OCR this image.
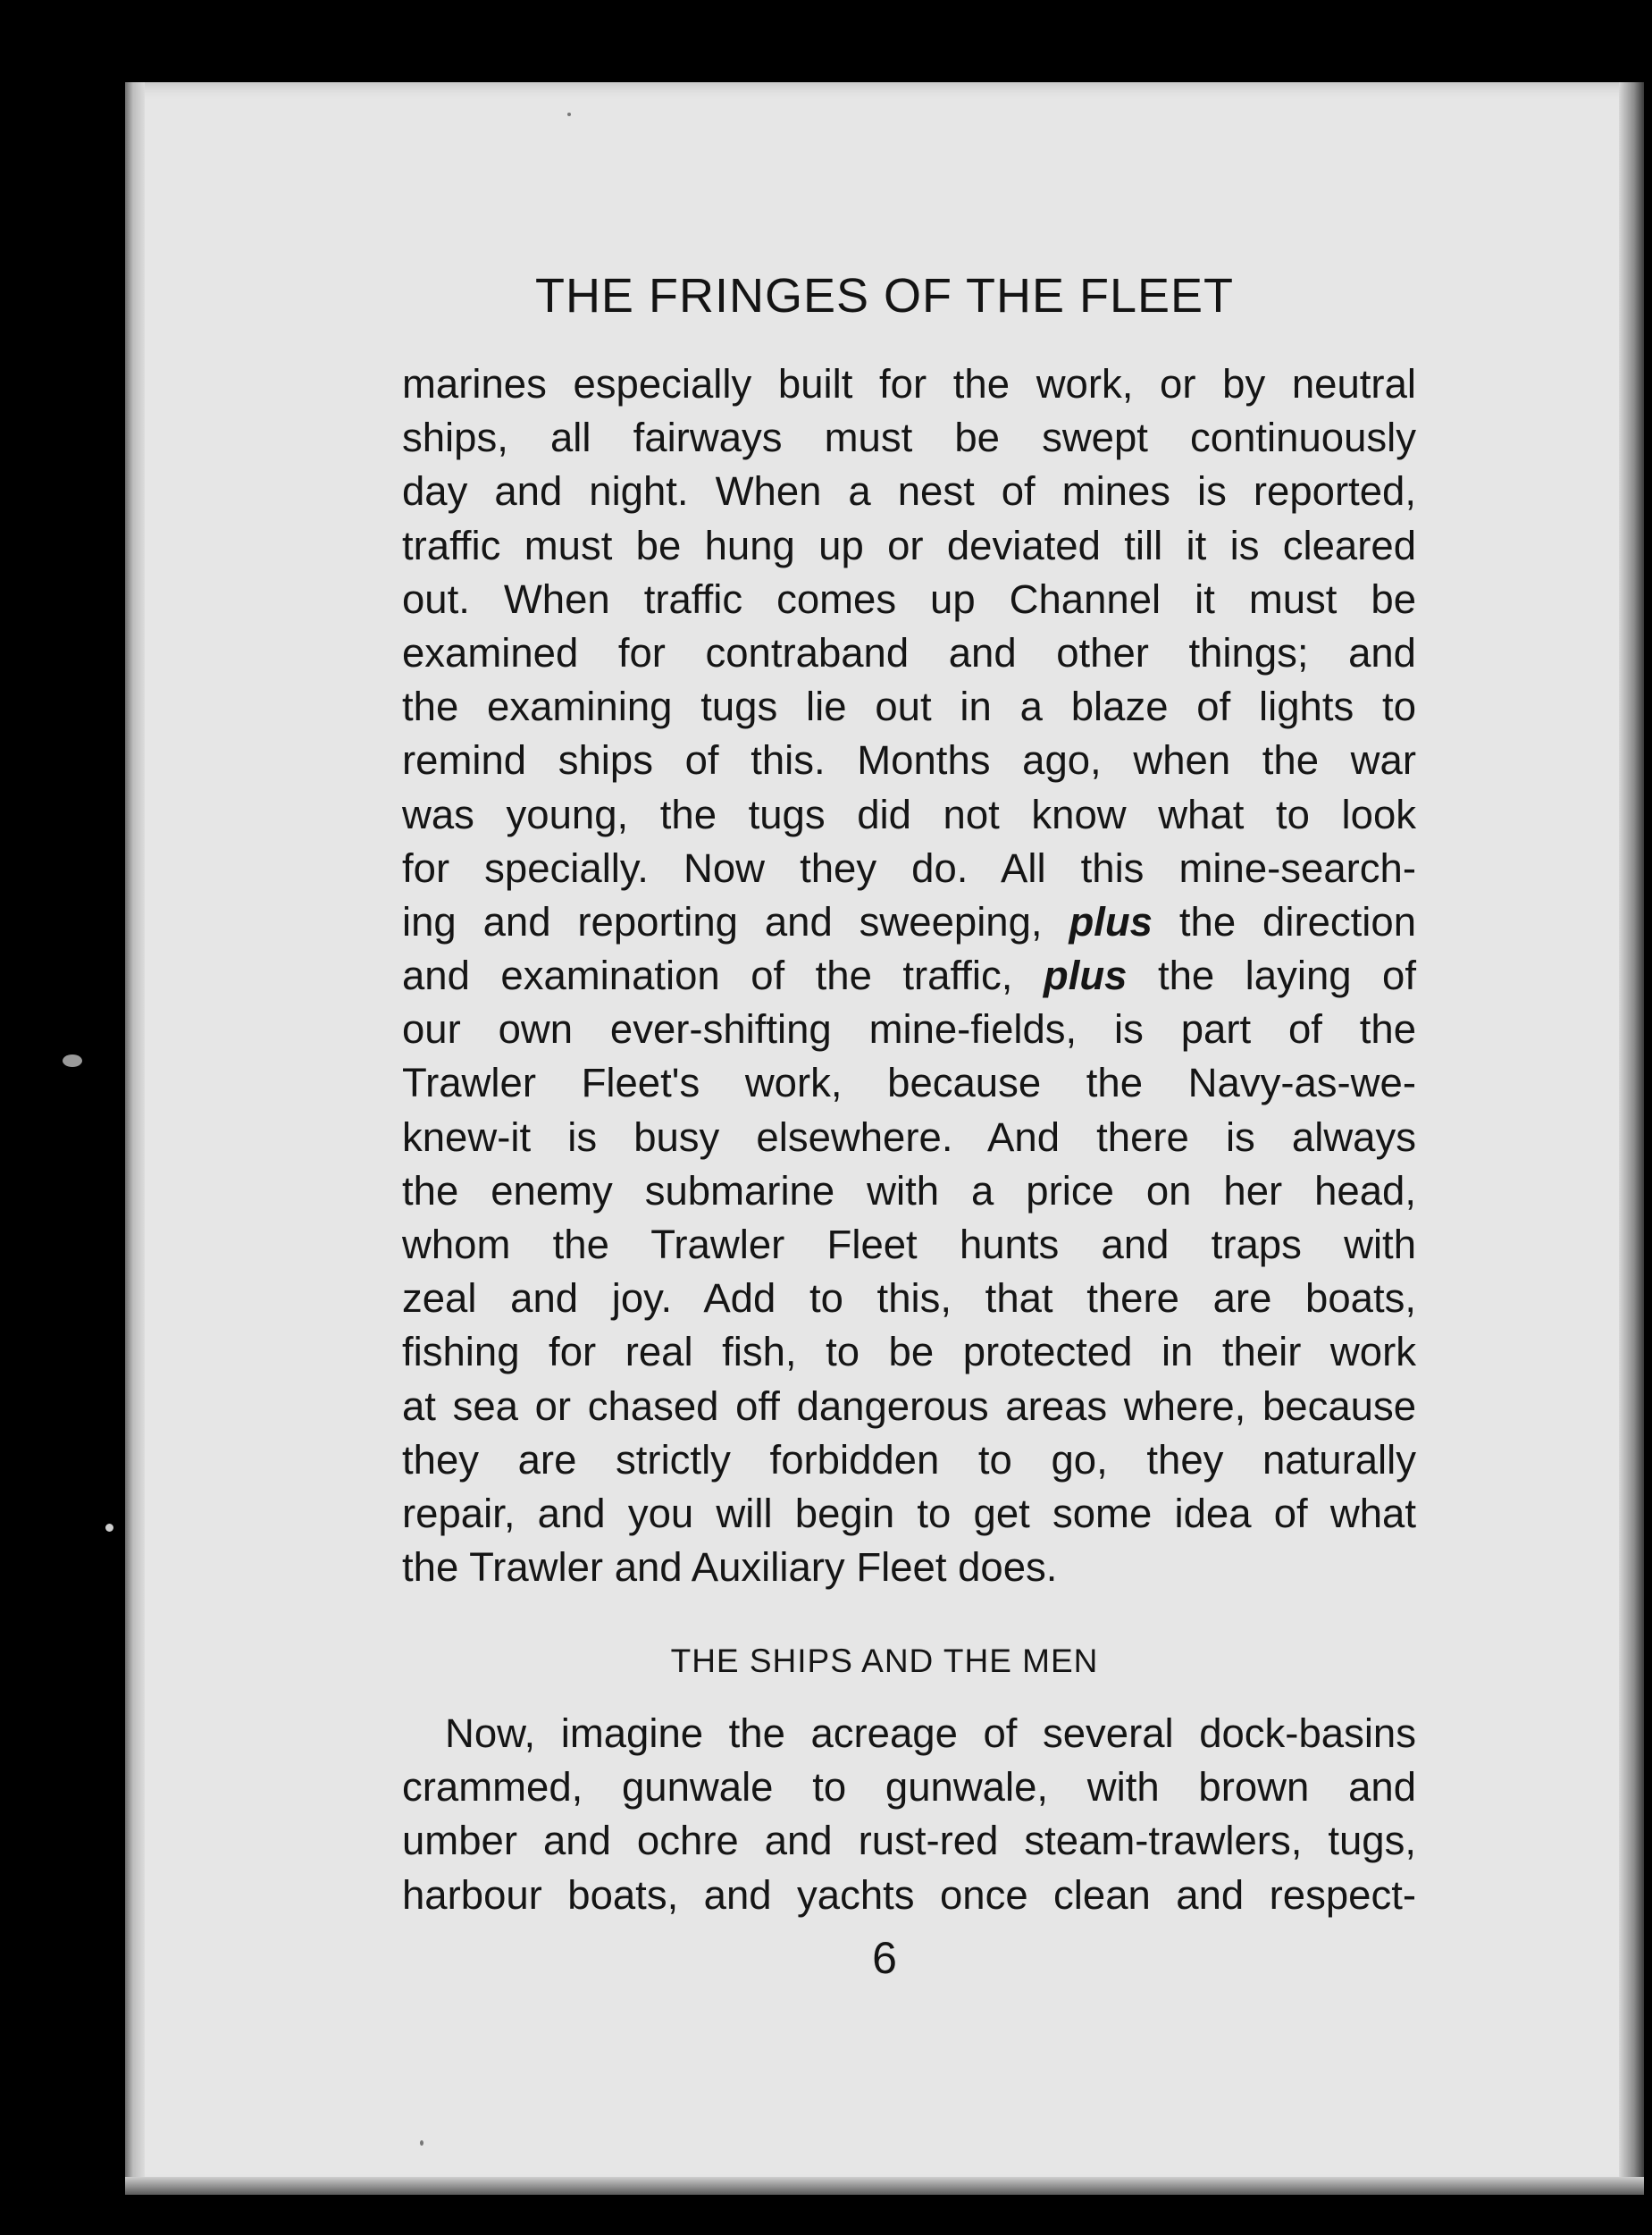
THE FRINGES OF THE FLEET
marines especially built for the work, or by neutral
ships, all fairways must be swept continuously
day and night. When a nest of mines is reported,
traffic must be hung up or deviated till it is cleared
out. When traffic comes up Channel it must be
examined for contraband and other things; and
the examining tugs lie out in a blaze of lights to
remind ships of this. Months ago, when the war
was young, the tugs did not know what to look
for specially. Now they do. All this mine-search-
ing and reporting and sweeping, plus the direction
and examination of the traffic, plus the laying of
our own ever-shifting mine-fields, is part of the
Trawler Fleet's work, because the Navy-as-we-
knew-it is busy elsewhere. And there is always
the enemy submarine with a price on her head,
whom the Trawler Fleet hunts and traps with
zeal and joy. Add to this, that there are boats,
fishing for real fish, to be protected in their work
at sea or chased off dangerous areas where, because
they are strictly forbidden to go, they naturally
repair, and you will begin to get some idea of what
the Trawler and Auxiliary Fleet does.
THE SHIPS AND THE MEN
Now, imagine the acreage of several dock-basins
crammed, gunwale to gunwale, with brown and
umber and ochre and rust-red steam-trawlers, tugs,
harbour boats, and yachts once clean and respect-
6
